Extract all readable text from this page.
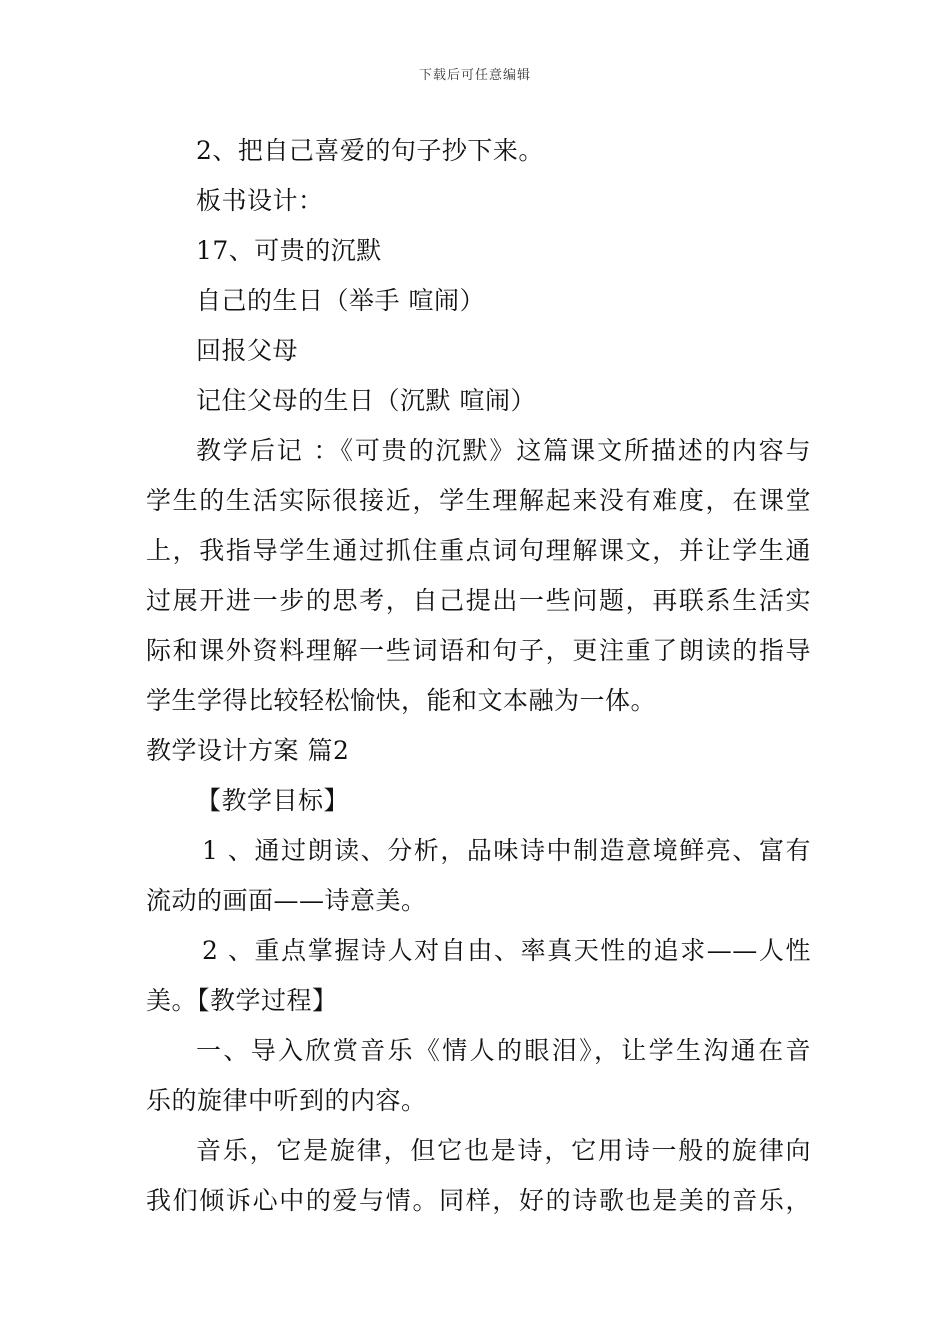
下载后可任意编辑
2、把自己喜爱的句子抄下来。
板书设计：
17、可贵的沉默
自己的生日（举手 喧闹）
回报父母
记住父母的生日（沉默 喧闹）
教学后记 ：《可贵的沉默》这篇课文所描述的内容与
学生的生活实际很接近，学生理解起来没有难度，在课堂
上，我指导学生通过抓住重点词句理解课文，并让学生通
过展开进一步的思考，自己提出一些问题，再联系生活实
际和课外资料理解一些词语和句子，更注重了朗读的指导
学生学得比较轻松愉快，能和文本融为一体。
教学设计方案 篇2
【教学目标】
1 、通过朗读、分析，品味诗中制造意境鲜亮、富有
流动的画面——诗意美。
2 、重点掌握诗人对自由、率真天性的追求——人性
美。【教学过程】
一、导入欣赏音乐《情人的眼泪》，让学生沟通在音
乐的旋律中听到的内容。
音乐，它是旋律，但它也是诗，它用诗一般的旋律向
我们倾诉心中的爱与情。同样，好的诗歌也是美的音乐，
